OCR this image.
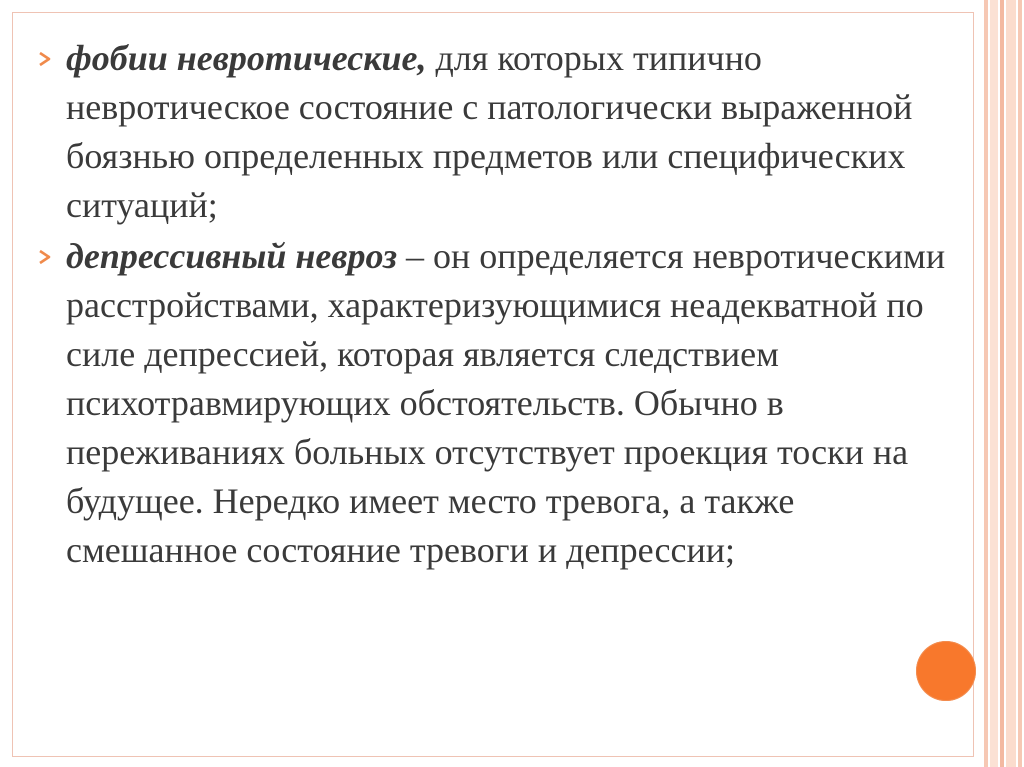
фобии невротические, для которых типично невротическое состояние с патологически выраженной боязнью определенных предметов или специфических ситуаций;
депрессивный невроз – он определяется невротическими расстройствами, характеризующимися неадекватной по силе депрессией, которая является следствием психотравмирующих обстоятельств. Обычно в переживаниях больных отсутствует проекция тоски на будущее. Нередко имеет место тревога, а также смешанное состояние тревоги и депрессии;
